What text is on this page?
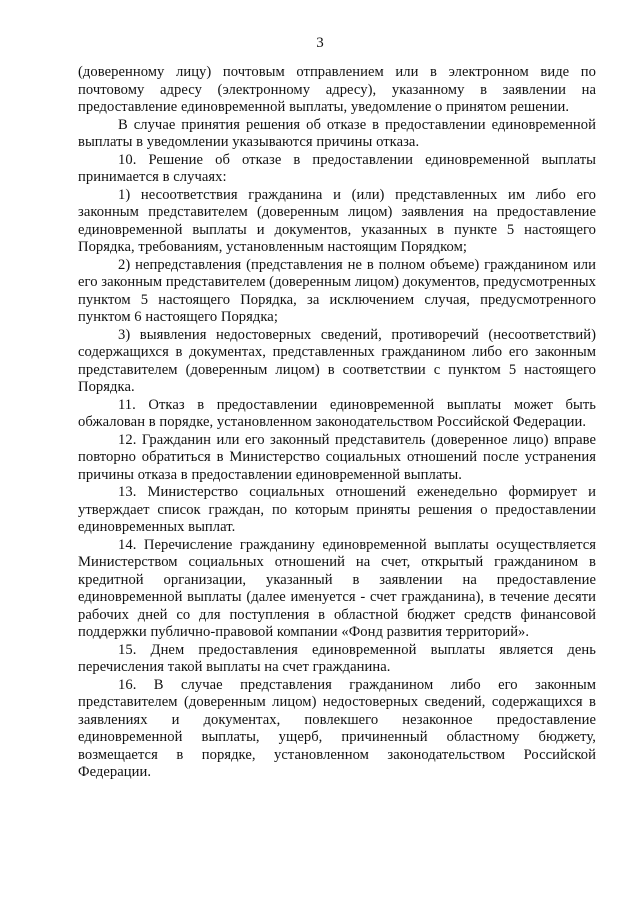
3

(доверенному лицу) почтовым отправлением или в электронном виде по почтовому адресу (электронному адресу), указанному в заявлении на предоставление единовременной выплаты, уведомление о принятом решении.

В случае принятия решения об отказе в предоставлении единовременной выплаты в уведомлении указываются причины отказа.

10. Решение об отказе в предоставлении единовременной выплаты принимается в случаях:

1) несоответствия гражданина и (или) представленных им либо его законным представителем (доверенным лицом) заявления на предоставление единовременной выплаты и документов, указанных в пункте 5 настоящего Порядка, требованиям, установленным настоящим Порядком;

2) непредставления (представления не в полном объеме) гражданином или его законным представителем (доверенным лицом) документов, предусмотренных пунктом 5 настоящего Порядка, за исключением случая, предусмотренного пунктом 6 настоящего Порядка;

3) выявления недостоверных сведений, противоречий (несоответствий) содержащихся в документах, представленных гражданином либо его законным представителем (доверенным лицом) в соответствии с пунктом 5 настоящего Порядка.

11. Отказ в предоставлении единовременной выплаты может быть обжалован в порядке, установленном законодательством Российской Федерации.

12. Гражданин или его законный представитель (доверенное лицо) вправе повторно обратиться в Министерство социальных отношений после устранения причины отказа в предоставлении единовременной выплаты.

13. Министерство социальных отношений еженедельно формирует и утверждает список граждан, по которым приняты решения о предоставлении единовременных выплат.

14. Перечисление гражданину единовременной выплаты осуществляется Министерством социальных отношений на счет, открытый гражданином в кредитной организации, указанный в заявлении на предоставление единовременной выплаты (далее именуется - счет гражданина), в течение десяти рабочих дней со для поступления в областной бюджет средств финансовой поддержки публично-правовой компании «Фонд развития территорий».

15. Днем предоставления единовременной выплаты является день перечисления такой выплаты на счет гражданина.

16. В случае представления гражданином либо его законным представителем (доверенным лицом) недостоверных сведений, содержащихся в заявлениях и документах, повлекшего незаконное предоставление единовременной выплаты, ущерб, причиненный областному бюджету, возмещается в порядке, установленном законодательством Российской Федерации.
